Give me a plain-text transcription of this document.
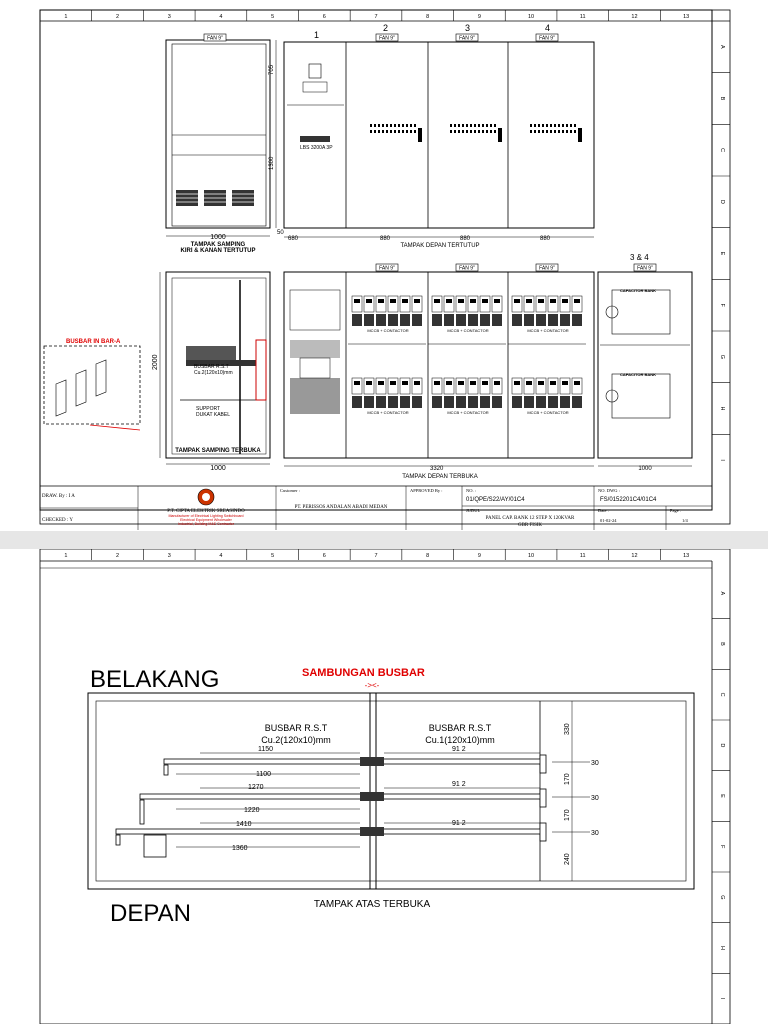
1	2	3	4	5	6	7	8	9	10	11	12	13
A
B
C
D
E
F
G
H
I
1000
TAMPAK SAMPING
KIRI & KANAN TERTUTUP
705
1300
50
LBS 3200A 3P
680	880	880	880
TAMPAK DEPAN TERTUTUP
1
2	3	4
FAN 9"	FAN 9"	FAN 9"	FAN 9"
2000	BUSBAR R.S.T
Cu.2(120x10)mm
SUPPORT
DUKAT KABEL
1000
TAMPAK SAMPING TERBUKA
BUSBAR IN BAR-A
MCCB + CONTACTOR
MCCB + CONTACTOR
MCCB + CONTACTOR
MCCB + CONTACTOR
MCCB + CONTACTOR
MCCB + CONTACTOR
3320
TAMPAK DEPAN TERBUKA
FAN 9"	FAN 9"	FAN 9"
CAPACITOR BANK
CAPACITOR BANK
3 & 4
1000
FAN 9"
DRAW. By : I A
CHECKED : Y
P.T. CIPTA ELEKTRIK SREASINDO
Manufacturer of Electrical Lighting Switchboard
Electrical Equipment Wholesaler
Industrial, Building M&E Contractor
Customer :
PT. PERISSOS ANDALAN ABADI MEDAN
APPROVED By :	NO. :
01/QPE/S22/AY/01C4
JUDUL
PANEL CAP. BANK 12 STEP X 120KVAR
GBR FISIK
NO. DWG :
FS/0152201C4/01C4
Date :
01-02-24
Page :
1/4
1	2	3	4	5	6	7	8	9	10	11	12	13
A
B
C
D
E
F
G
H
I
BELAKANG
DEPAN
SAMBUNGAN BUSBAR
-><-
BUSBAR R.S.T
Cu.2(120x10)mm
BUSBAR R.S.T
Cu.1(120x10)mm
1150
1100
1270
1220
1410
1360
91 2
91 2
91 2
330
170
170
240
30
30
30
TAMPAK ATAS TERBUKA
